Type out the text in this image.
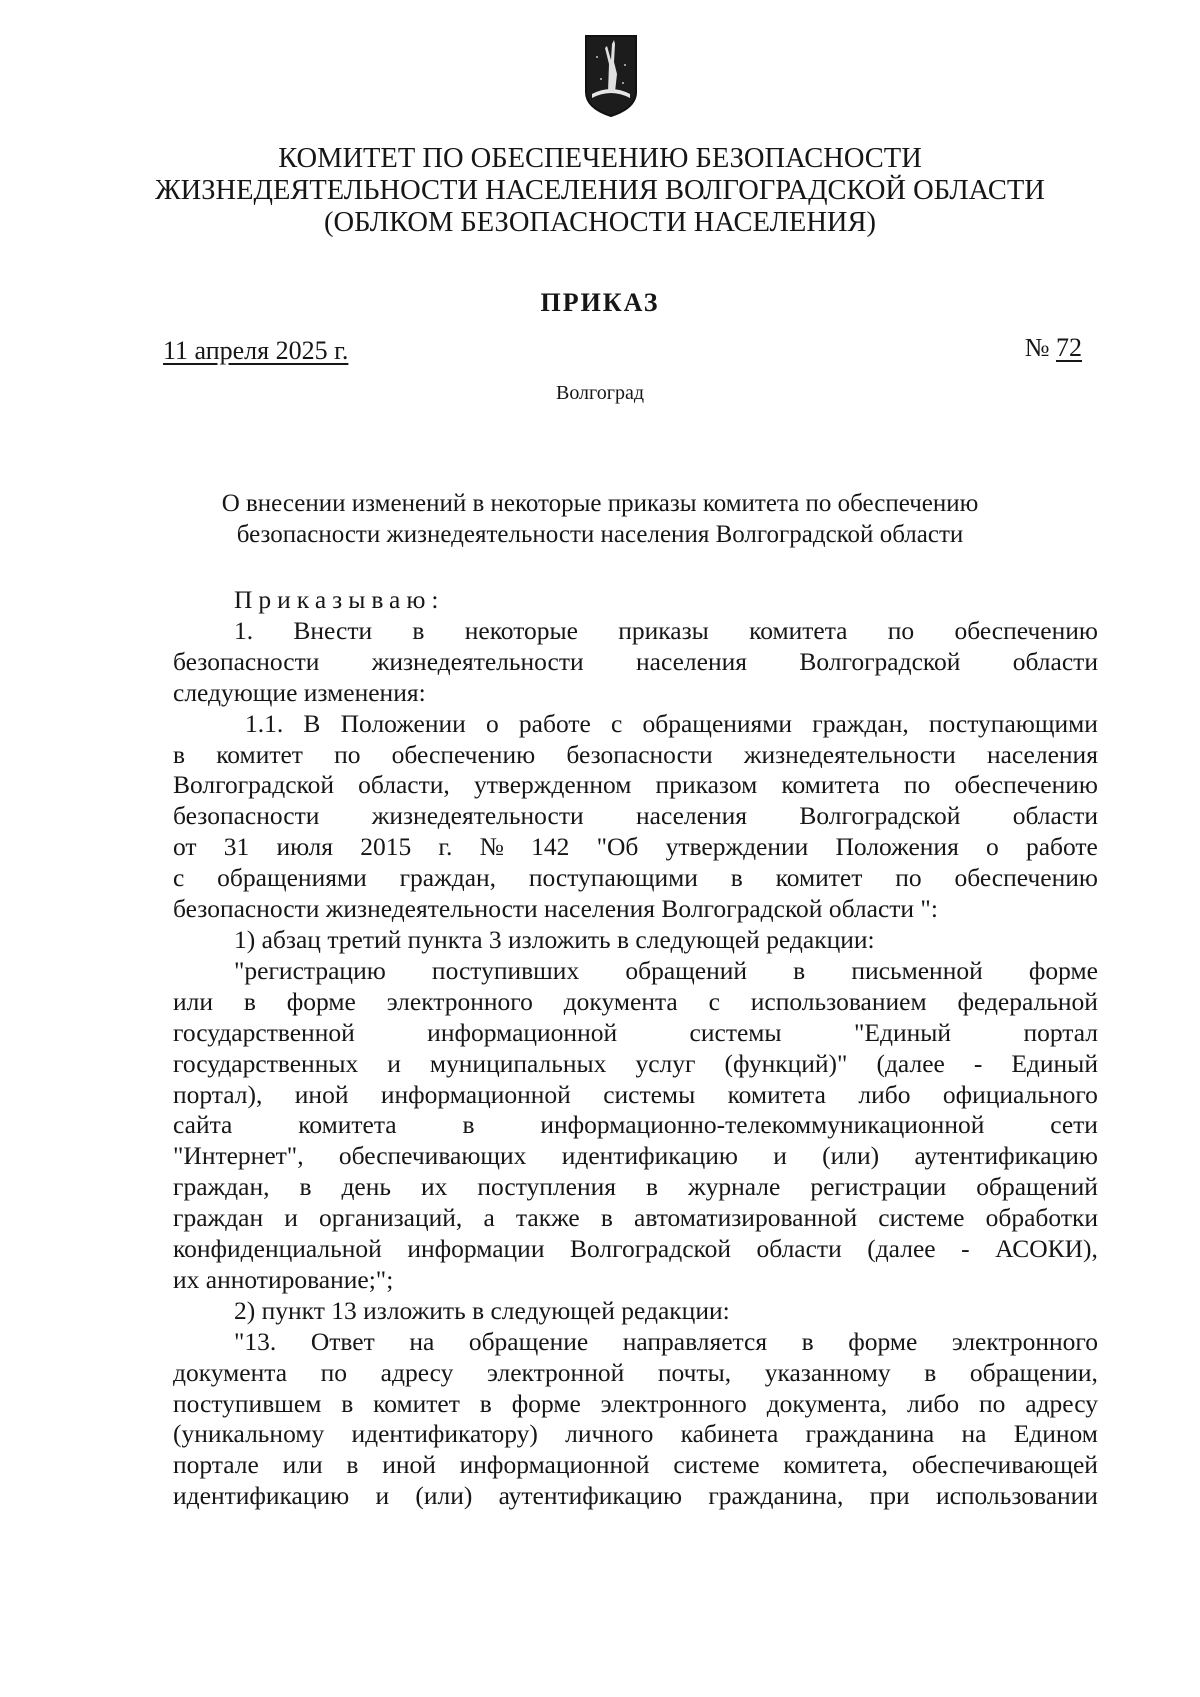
КОМИТЕТ ПО ОБЕСПЕЧЕНИЮ БЕЗОПАСНОСТИ
ЖИЗНЕДЕЯТЕЛЬНОСТИ НАСЕЛЕНИЯ ВОЛГОГРАДСКОЙ ОБЛАСТИ
(ОБЛКОМ БЕЗОПАСНОСТИ НАСЕЛЕНИЯ)
ПРИКАЗ
11 апреля 2025 г.	№ 72
Волгоград
О внесении изменений в некоторые приказы комитета по обеспечению
безопасности жизнедеятельности населения Волгоградской области
Приказываю:
1. Внести в некоторые приказы комитета по обеспечению
безопасности жизнедеятельности населения Волгоградской области
следующие изменения:
1.1. В Положении о работе с обращениями граждан, поступающими
в комитет по обеспечению безопасности жизнедеятельности населения
Волгоградской области, утвержденном приказом комитета по обеспечению
безопасности жизнедеятельности населения Волгоградской области
от 31 июля 2015 г. № 142 "Об утверждении Положения о работе
с обращениями граждан, поступающими в комитет по обеспечению
безопасности жизнедеятельности населения Волгоградской области ":
1) абзац третий пункта 3 изложить в следующей редакции:
"регистрацию поступивших обращений в письменной форме
или в форме электронного документа с использованием федеральной
государственной	информационной	системы	"Единый	портал
государственных и муниципальных услуг (функций)" (далее - Единый
портал), иной информационной системы комитета либо официального
сайта	комитета	в	информационно-телекоммуникационной	сети
"Интернет", обеспечивающих идентификацию и (или) аутентификацию
граждан, в день их поступления в журнале регистрации обращений
граждан и организаций, а также в автоматизированной системе обработки
конфиденциальной информации Волгоградской области (далее - АСОКИ),
их аннотирование;";
2) пункт 13 изложить в следующей редакции:
"13. Ответ на обращение направляется в форме электронного
документа по адресу электронной почты, указанному в обращении,
поступившем в комитет в форме электронного документа, либо по адресу
(уникальному идентификатору) личного кабинета гражданина на Едином
портале или в иной информационной системе комитета, обеспечивающей
идентификацию и (или) аутентификацию гражданина, при использовании
